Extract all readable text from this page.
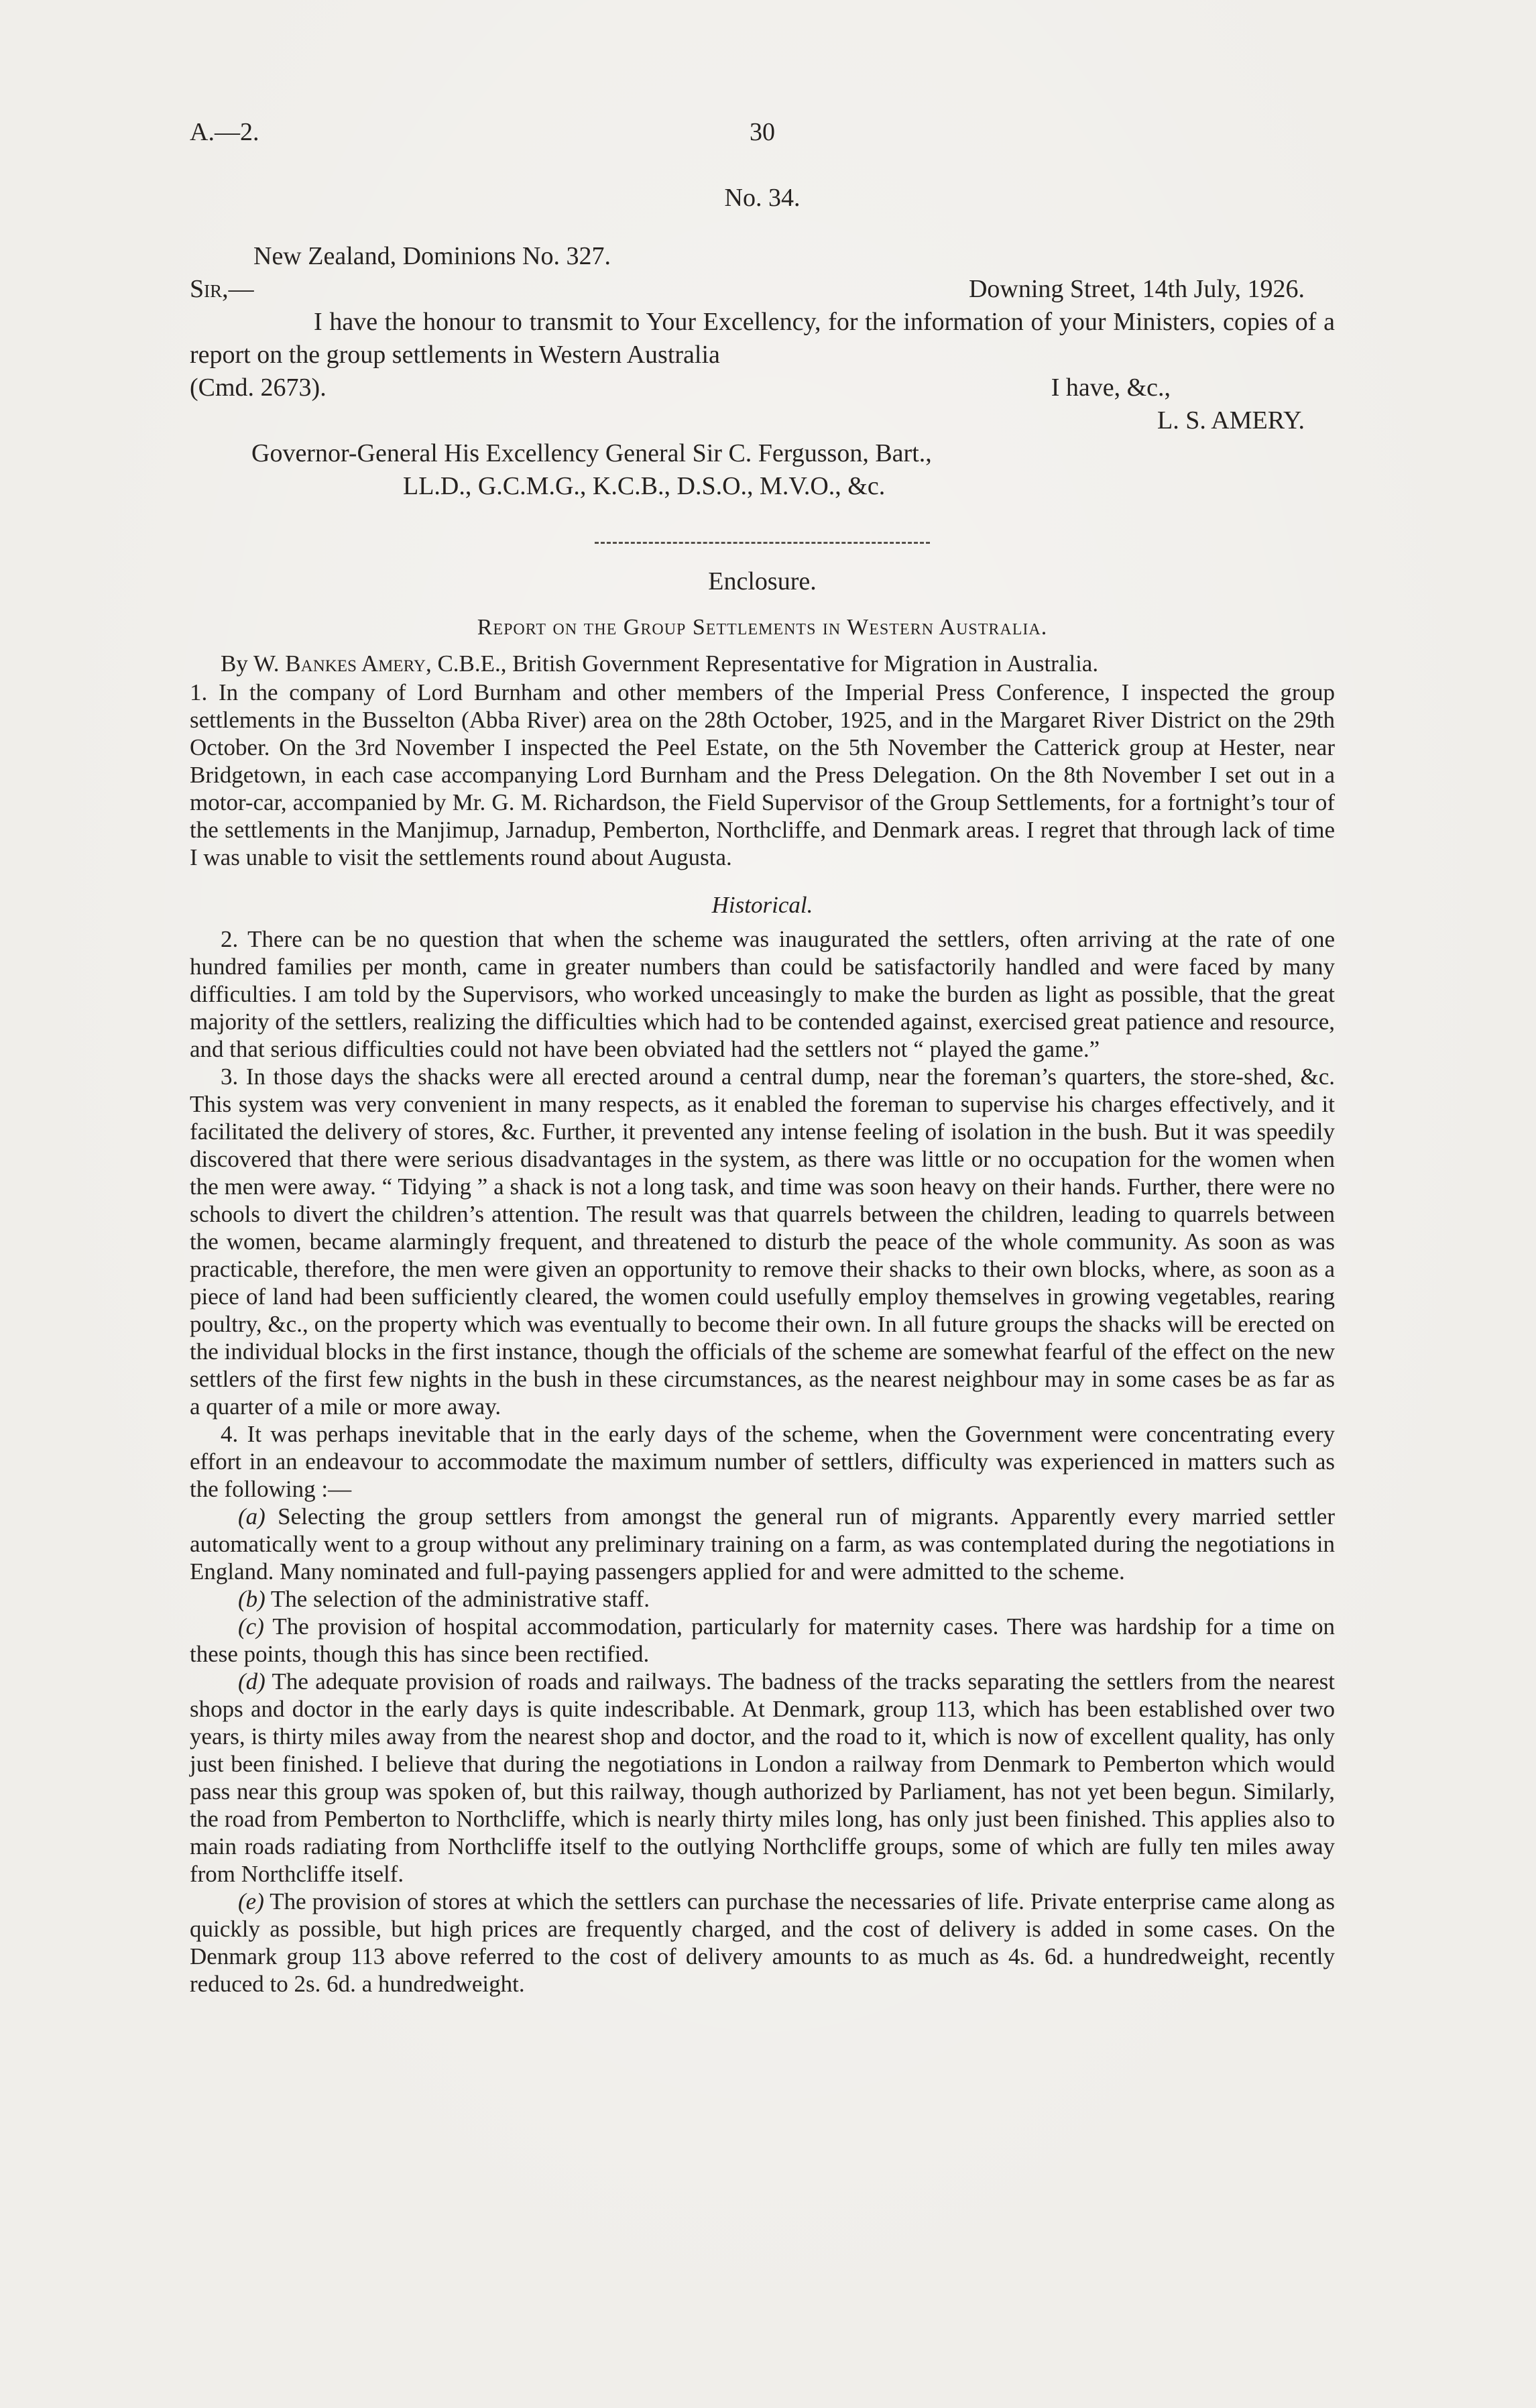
A.—2.	30
No. 34.
New Zealand, Dominions No. 327.
Sir,—	Downing Street, 14th July, 1926.

I have the honour to transmit to Your Excellency, for the information of your Ministers, copies of a report on the group settlements in Western Australia

(Cmd. 2673).	I have, &c.,
L. S. AMERY.
Governor-General His Excellency General Sir C. Fergusson, Bart.,
LL.D., G.C.M.G., K.C.B., D.S.O., M.V.O., &c.
Enclosure.
Report on the Group Settlements in Western Australia.

By W. Bankes Amery, C.B.E., British Government Representative for Migration in Australia.

1. In the company of Lord Burnham and other members of the Imperial Press Conference, I inspected the group settlements in the Busselton (Abba River) area on the 28th October, 1925, and in the Margaret River District on the 29th October. On the 3rd November I inspected the Peel Estate, on the 5th November the Catterick group at Hester, near Bridgetown, in each case accompanying Lord Burnham and the Press Delegation. On the 8th November I set out in a motor-car, accompanied by Mr. G. M. Richardson, the Field Supervisor of the Group Settlements, for a fortnight’s tour of the settlements in the Manjimup, Jarnadup, Pemberton, Northcliffe, and Denmark areas. I regret that through lack of time I was unable to visit the settlements round about Augusta.

Historical.

2. There can be no question that when the scheme was inaugurated the settlers, often arriving at the rate of one hundred families per month, came in greater numbers than could be satisfactorily handled and were faced by many difficulties. I am told by the Supervisors, who worked unceasingly to make the burden as light as possible, that the great majority of the settlers, realizing the difficulties which had to be contended against, exercised great patience and resource, and that serious difficulties could not have been obviated had the settlers not “ played the game.”

3. In those days the shacks were all erected around a central dump, near the foreman’s quarters, the store-shed, &c. This system was very convenient in many respects, as it enabled the foreman to supervise his charges effectively, and it facilitated the delivery of stores, &c. Further, it prevented any intense feeling of isolation in the bush. But it was speedily discovered that there were serious disadvantages in the system, as there was little or no occupation for the women when the men were away. “ Tidying ” a shack is not a long task, and time was soon heavy on their hands. Further, there were no schools to divert the children’s attention. The result was that quarrels between the children, leading to quarrels between the women, became alarmingly frequent, and threatened to disturb the peace of the whole community. As soon as was practicable, therefore, the men were given an opportunity to remove their shacks to their own blocks, where, as soon as a piece of land had been sufficiently cleared, the women could usefully employ themselves in growing vegetables, rearing poultry, &c., on the property which was eventually to become their own. In all future groups the shacks will be erected on the individual blocks in the first instance, though the officials of the scheme are somewhat fearful of the effect on the new settlers of the first few nights in the bush in these circumstances, as the nearest neighbour may in some cases be as far as a quarter of a mile or more away.

4. It was perhaps inevitable that in the early days of the scheme, when the Government were concentrating every effort in an endeavour to accommodate the maximum number of settlers, difficulty was experienced in matters such as the following :—

(a) Selecting the group settlers from amongst the general run of migrants. Apparently every married settler automatically went to a group without any preliminary training on a farm, as was contemplated during the negotiations in England. Many nominated and full-paying passengers applied for and were admitted to the scheme.

(b) The selection of the administrative staff.

(c) The provision of hospital accommodation, particularly for maternity cases. There was hardship for a time on these points, though this has since been rectified.

(d) The adequate provision of roads and railways. The badness of the tracks separating the settlers from the nearest shops and doctor in the early days is quite indescribable. At Denmark, group 113, which has been established over two years, is thirty miles away from the nearest shop and doctor, and the road to it, which is now of excellent quality, has only just been finished. I believe that during the negotiations in London a railway from Denmark to Pemberton which would pass near this group was spoken of, but this railway, though authorized by Parliament, has not yet been begun. Similarly, the road from Pemberton to Northcliffe, which is nearly thirty miles long, has only just been finished. This applies also to main roads radiating from Northcliffe itself to the outlying Northcliffe groups, some of which are fully ten miles away from Northcliffe itself.

(e) The provision of stores at which the settlers can purchase the necessaries of life. Private enterprise came along as quickly as possible, but high prices are frequently charged, and the cost of delivery is added in some cases. On the Denmark group 113 above referred to the cost of delivery amounts to as much as 4s. 6d. a hundredweight, recently reduced to 2s. 6d. a hundredweight.
